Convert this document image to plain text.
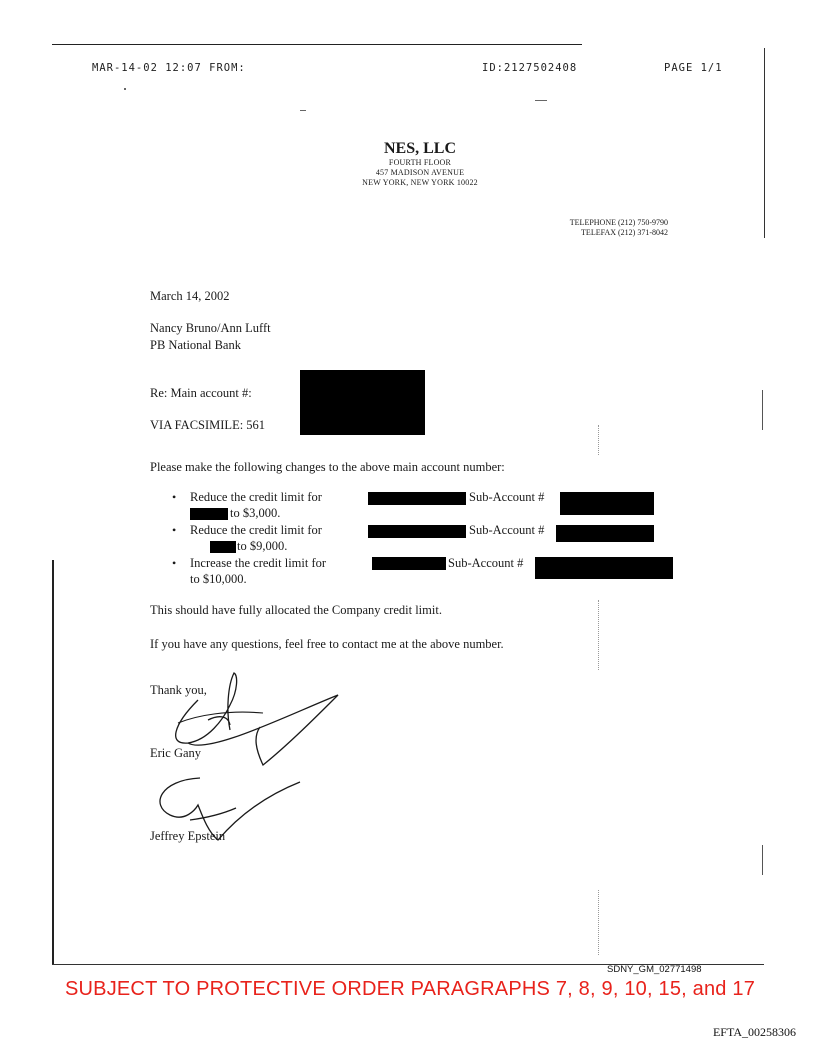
MAR-14-02 12:07 FROM:	ID:2127502408	PAGE 1/1
NES, LLC
FOURTH FLOOR
457 MADISON AVENUE
NEW YORK, NEW YORK 10022
TELEPHONE (212) 750-9790
TELEFAX (212) 371-8042
March 14, 2002
Nancy Bruno/Ann Lufft
PB National Bank
Re: Main account #:
VIA FACSIMILE: 561
Please make the following changes to the above main account number:
• Reduce the credit limit for	Sub-Account #
to $3,000.
• Reduce the credit limit for	Sub-Account #
to $9,000.
• Increase the credit limit for	Sub-Account #
to $10,000.
This should have fully allocated the Company credit limit.
If you have any questions, feel free to contact me at the above number.
Thank you,
Eric Gany
Jeffrey Epstein
SDNY_GM_02771498
SUBJECT TO PROTECTIVE ORDER PARAGRAPHS 7, 8, 9, 10, 15, and 17
EFTA_00258306
